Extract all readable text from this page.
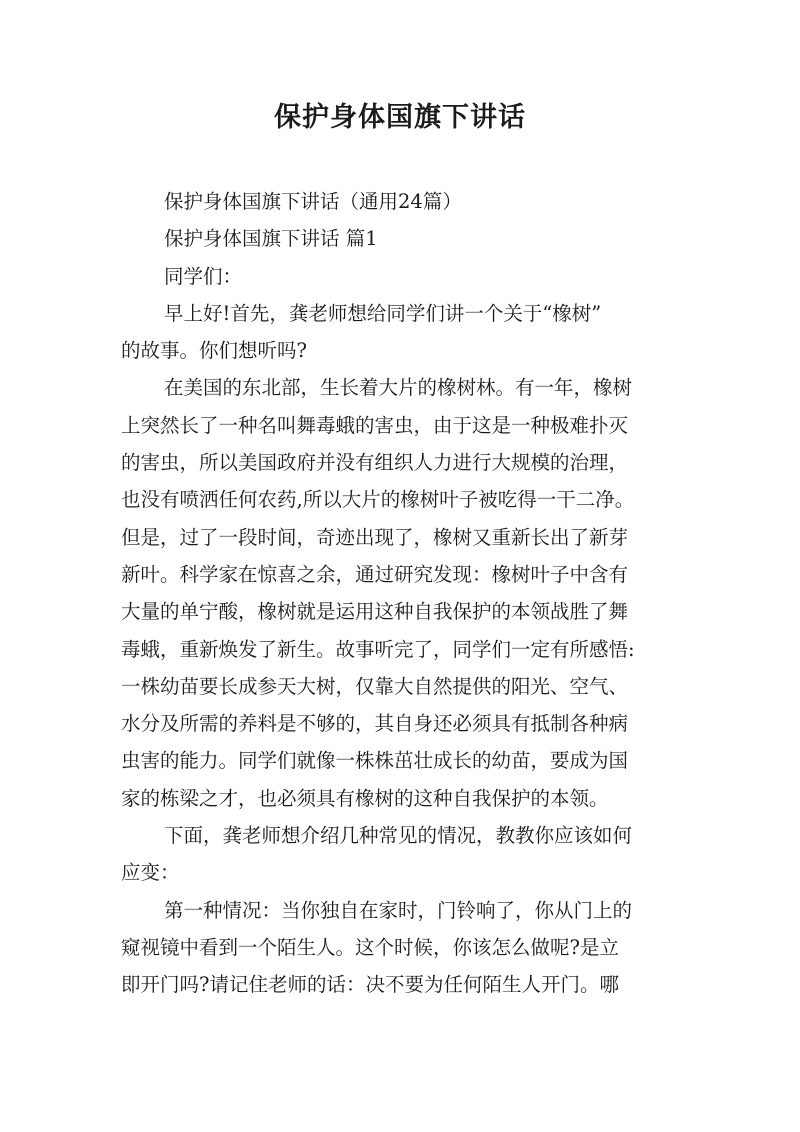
保护身体国旗下讲话
保护身体国旗下讲话（通用24篇）
保护身体国旗下讲话 篇1
同学们：
早上好!首先，龚老师想给同学们讲一个关于“橡树”
的故事。你们想听吗?
在美国的东北部，生长着大片的橡树林。有一年，橡树
上突然长了一种名叫舞毒蛾的害虫，由于这是一种极难扑灭
的害虫，所以美国政府并没有组织人力进行大规模的治理，
也没有喷洒任何农药,所以大片的橡树叶子被吃得一干二净。
但是，过了一段时间，奇迹出现了，橡树又重新长出了新芽
新叶。科学家在惊喜之余，通过研究发现：橡树叶子中含有
大量的单宁酸，橡树就是运用这种自我保护的本领战胜了舞
毒蛾，重新焕发了新生。故事听完了，同学们一定有所感悟:
一株幼苗要长成参天大树，仅靠大自然提供的阳光、空气、
水分及所需的养料是不够的，其自身还必须具有抵制各种病
虫害的能力。同学们就像一株株茁壮成长的幼苗，要成为国
家的栋梁之才，也必须具有橡树的这种自我保护的本领。
下面，龚老师想介绍几种常见的情况，教教你应该如何
应变：
第一种情况：当你独自在家时，门铃响了，你从门上的
窥视镜中看到一个陌生人。这个时候，你该怎么做呢?是立
即开门吗?请记住老师的话：决不要为任何陌生人开门。哪
